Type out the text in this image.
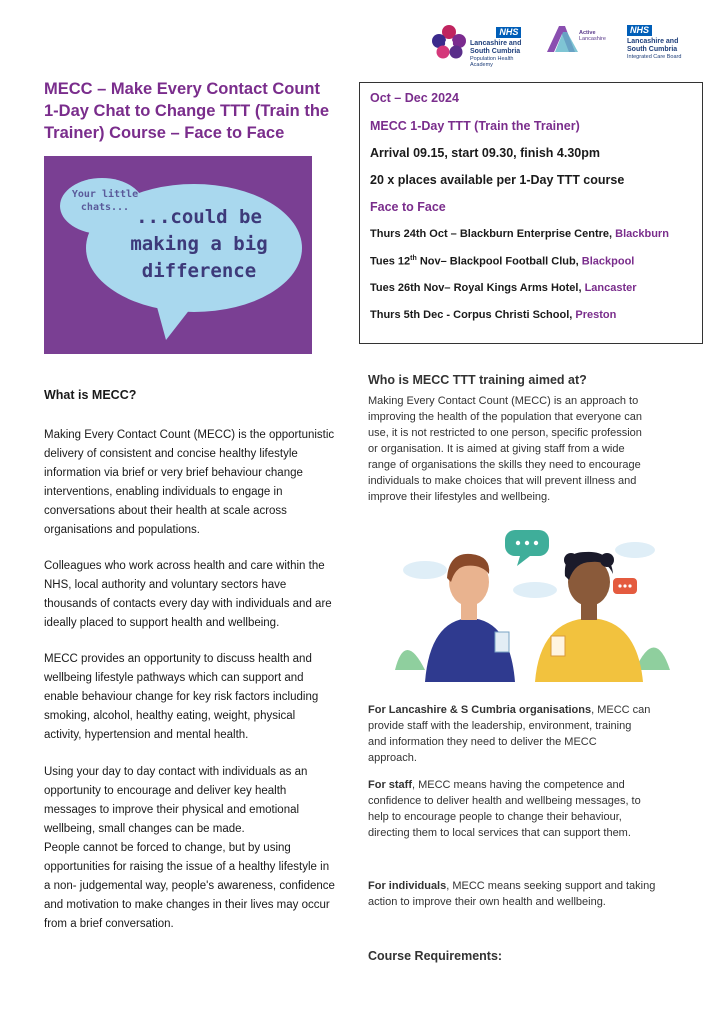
NHS
Lancashire and
South Cumbria
Population Health
Academy
Active
Lancashire
NHS
Lancashire and
South Cumbria
Integrated Care Board
MECC – Make Every Contact Count
1-Day Chat to Change TTT (Train the
Trainer) Course – Face to Face
Your little
chats... ...could be
making a big
difference
Oct – Dec 2024
MECC 1-Day TTT (Train the Trainer)
Arrival 09.15, start 09.30, finish 4.30pm
20 x places available per 1-Day TTT course
Face to Face
Thurs 24th Oct – Blackburn Enterprise Centre, Blackburn
Tues 12th Nov– Blackpool Football Club, Blackpool
Tues 26th Nov– Royal Kings Arms Hotel, Lancaster
Thurs 5th Dec - Corpus Christi School, Preston
What is MECC?
Making Every Contact Count (MECC) is the opportunistic
delivery of consistent and concise healthy lifestyle
information via brief or very brief behaviour change
interventions, enabling individuals to engage in
conversations about their health at scale across
organisations and populations.
Colleagues who work across health and care within the
NHS, local authority and voluntary sectors have
thousands of contacts every day with individuals and are
ideally placed to support health and wellbeing.
MECC provides an opportunity to discuss health and
wellbeing lifestyle pathways which can support and
enable behaviour change for key risk factors including
smoking, alcohol, healthy eating, weight, physical
activity, hypertension and mental health.
Using your day to day contact with individuals as an
opportunity to encourage and deliver key health
messages to improve their physical and emotional
wellbeing, small changes can be made.
People cannot be forced to change, but by using
opportunities for raising the issue of a healthy lifestyle in
a non- judgemental way, people's awareness, confidence
and motivation to make changes in their lives may occur
from a brief conversation.
Who is MECC TTT training aimed at?
Making Every Contact Count (MECC) is an approach to
improving the health of the population that everyone can
use, it is not restricted to one person, specific profession
or organisation. It is aimed at giving staff from a wide
range of organisations the skills they need to encourage
individuals to make choices that will prevent illness and
improve their lifestyles and wellbeing.
For Lancashire & S Cumbria organisations, MECC can
provide staff with the leadership, environment, training
and information they need to deliver the MECC
approach.
For staff, MECC means having the competence and
confidence to deliver health and wellbeing messages, to
help to encourage people to change their behaviour,
directing them to local services that can support them.
For individuals, MECC means seeking support and taking
action to improve their own health and wellbeing.
Course Requirements:
